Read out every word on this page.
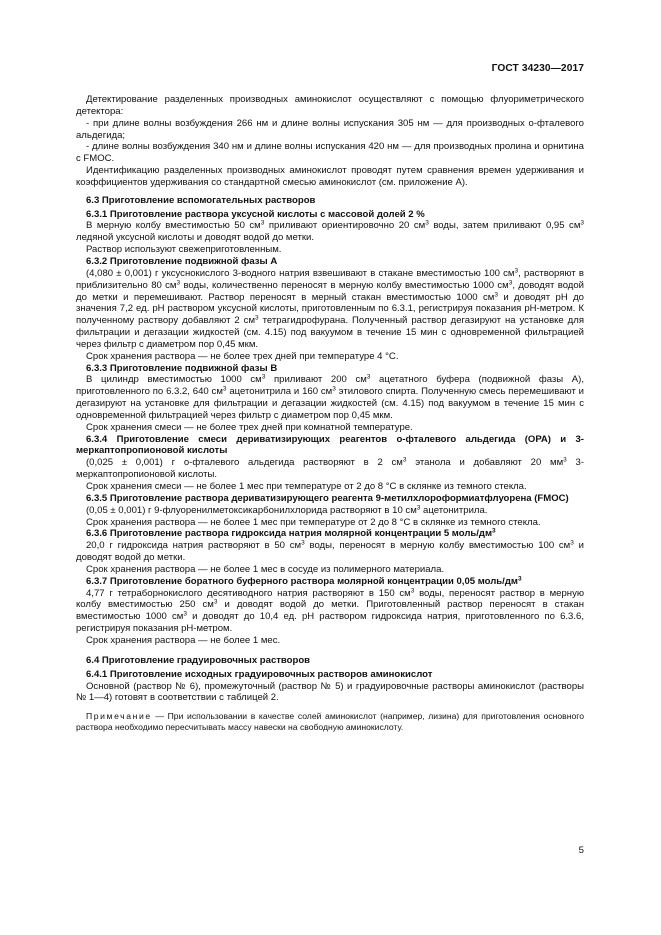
ГОСТ 34230—2017

Детектирование разделенных производных аминокислот осуществляют с помощью флуориметрического детектора:

- при длине волны возбуждения 266 нм и длине волны испускания 305 нм — для производных о-фталевого альдегида;

- длине волны возбуждения 340 нм и длине волны испускания 420 нм — для производных пролина и орнитина с FMOC.

Идентификацию разделенных производных аминокислот проводят путем сравнения времен удерживания и коэффициентов удерживания со стандартной смесью аминокислот (см. приложение А).

6.3 Приготовление вспомогательных растворов

6.3.1 Приготовление раствора уксусной кислоты с массовой долей 2 %

В мерную колбу вместимостью 50 $см^3$ приливают ориентировочно 20 $см^3$ воды, затем приливают 0,95 $см^3$ ледяной уксусной кислоты и доводят водой до метки.

Раствор используют свежеприготовленным.

6.3.2 Приготовление подвижной фазы А

(4,080 ± 0,001) г уксуснокислого 3-водного натрия взвешивают в стакане вместимостью 100 $см^3$, растворяют в приблизительно 80 $см^3$ воды, количественно переносят в мерную колбу вместимостью 1000 $см^3$, доводят водой до метки и перемешивают. Раствор переносят в мерный стакан вместимостью 1000 $см^3$ и доводят pH до значения 7,2 ед. pH раствором уксусной кислоты, приготовленным по 6.3.1, регистрируя показания pH-метром. К полученному раствору добавляют 2 $см^3$ тетрагидрофурана. Полученный раствор дегазируют на установке для фильтрации и дегазации жидкостей (см. 4.15) под вакуумом в течение 15 мин с одновременной фильтрацией через фильтр с диаметром пор 0,45 мкм.

Срок хранения раствора — не более трех дней при температуре 4 °С.

6.3.3 Приготовление подвижной фазы В

В цилиндр вместимостью 1000 $см^3$ приливают 200 $см^3$ ацетатного буфера (подвижной фазы А), приготовленного по 6.3.2, 640 $см^3$ ацетонитрила и 160 $см^3$ этилового спирта. Полученную смесь перемешивают и дегазируют на установке для фильтрации и дегазации жидкостей (см. 4.15) под вакуумом в течение 15 мин с одновременной фильтрацией через фильтр с диаметром пор 0,45 мкм.

Срок хранения смеси — не более трех дней при комнатной температуре.

6.3.4 Приготовление смеси дериватизирующих реагентов о-фталевого альдегида (ОРА) и 3-меркаптопропионовой кислоты

(0,025 ± 0,001) г о-фталевого альдегида растворяют в 2 $см^3$ этанола и добавляют 20 $мм^3$ 3-меркаптопропионовой кислоты.

Срок хранения смеси — не более 1 мес при температуре от 2 до 8 °С в склянке из темного стекла.

6.3.5 Приготовление раствора дериватизирующего реагента 9-метилхлороформиатфлуорена (FMOC)

(0,05 ± 0,001) г 9-флуоренилметоксикарбонилхлорида растворяют в 10 $см^3$ ацетонитрила.

Срок хранения раствора — не более 1 мес при температуре от 2 до 8 °С в склянке из темного стекла.

6.3.6 Приготовление раствора гидроксида натрия молярной концентрации 5 моль/$дм^3$

20,0 г гидроксида натрия растворяют в 50 $см^3$ воды, переносят в мерную колбу вместимостью 100 $см^3$ и доводят водой до метки.

Срок хранения раствора — не более 1 мес в сосуде из полимерного материала.

6.3.7 Приготовление боратного буферного раствора молярной концентрации 0,05 моль/$дм^3$

4,77 г тетраборнокислого десятиводного натрия растворяют в 150 $см^3$ воды, переносят раствор в мерную колбу вместимостью 250 $см^3$ и доводят водой до метки. Приготовленный раствор переносят в стакан вместимостью 1000 $см^3$ и доводят до 10,4 ед. pH раствором гидроксида натрия, приготовленного по 6.3.6, регистрируя показания pH-метром.

Срок хранения раствора — не более 1 мес.

6.4 Приготовление градуировочных растворов

6.4.1 Приготовление исходных градуировочных растворов аминокислот

Основной (раствор № 6), промежуточный (раствор № 5) и градуировочные растворы аминокислот (растворы № 1—4) готовят в соответствии с таблицей 2.

Примечание — При использовании в качестве солей аминокислот (например, лизина) для приготовления основного раствора необходимо пересчитывать массу навески на свободную аминокислоту.

5
